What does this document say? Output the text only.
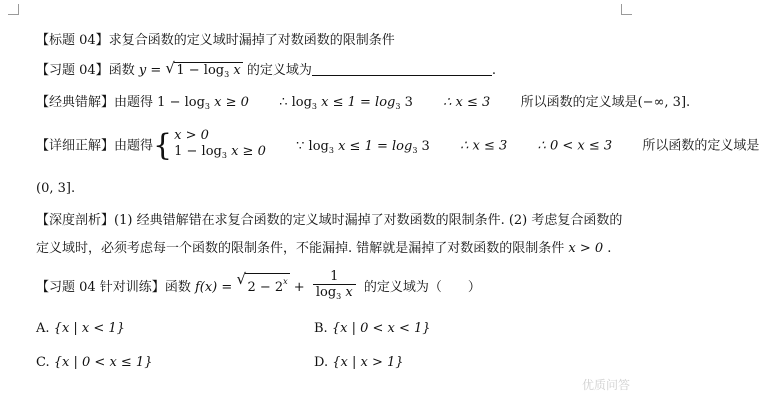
【标题 04】求复合函数的定义域时漏掉了对数函数的限制条件
【习题 04】函数 y = √ $1 - \log_3 x$ 的定义域为	.
【经典错解】由题得 $1 - \log_3 x \ge 0$ ∴ $\log_3 x \le 1 = \log_3 3$ ∴ x ≤ 3 所以函数的定义域是(−∞, 3].
【详细正解】由题得{ x > 0
$1 - \log_3 x \ge 0$ ∵ $\log_3 x \le 1 = \log_3 3$ ∴ x ≤ 3 ∴ 0 < x ≤ 3 所以函数的定义域是
(0, 3].
【深度剖析】(1) 经典错解错在求复合函数的定义域时漏掉了对数函数的限制条件. (2) 考虑复合函数的
定义域时，必须考虑每一个函数的限制条件，不能漏掉. 错解就是漏掉了对数函数的限制条件 x > 0 .
【习题 04 针对训练】函数 f(x) = √ $2 - 2^x + \frac{1}{\log_3 x}$ 的定义域为（　　）
A. {x | x < 1}	B. {x | 0 < x < 1}
C. {x | 0 < x ≤ 1}	D. {x | x > 1}
优质问答
